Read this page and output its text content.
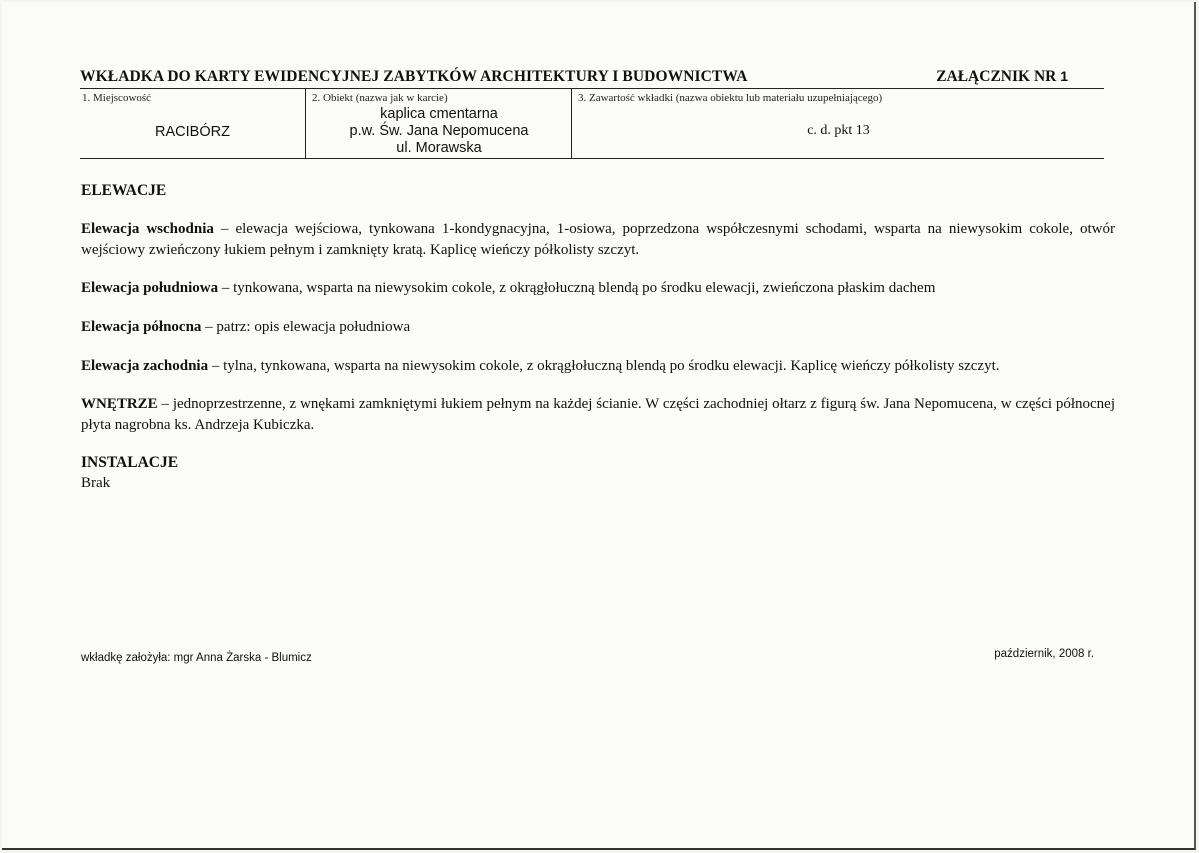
WKŁADKA DO KARTY EWIDENCYJNEJ ZABYTKÓW ARCHITEKTURY I BUDOWNICTWA	ZAŁĄCZNIK NR 1
1. Miejscowość
RACIBÓRZ
2. Obiekt (nazwa jak w karcie)
kaplica cmentarna
p.w. Św. Jana Nepomucena
ul. Morawska
3. Zawartość wkładki (nazwa obiektu lub materiału uzupełniającego)
c. d. pkt 13

ELEWACJE

Elewacja wschodnia – elewacja wejściowa, tynkowana 1-kondygnacyjna, 1-osiowa, poprzedzona współczesnymi schodami, wsparta na niewysokim cokole, otwór wejściowy zwieńczony łukiem pełnym i zamknięty kratą. Kaplicę wieńczy półkolisty szczyt.

Elewacja południowa – tynkowana, wsparta na niewysokim cokole, z okrągłołuczną blendą po środku elewacji, zwieńczona płaskim dachem

Elewacja północna – patrz: opis elewacja południowa

Elewacja zachodnia – tylna, tynkowana, wsparta na niewysokim cokole, z okrągłołuczną blendą po środku elewacji. Kaplicę wieńczy półkolisty szczyt.

WNĘTRZE – jednoprzestrzenne, z wnękami zamkniętymi łukiem pełnym na każdej ścianie. W części zachodniej ołtarz z figurą św. Jana Nepomucena, w części północnej płyta nagrobna ks. Andrzeja Kubiczka.

INSTALACJE

Brak

wkładkę założyła: mgr Anna Żarska - Blumicz	październik, 2008 r.
